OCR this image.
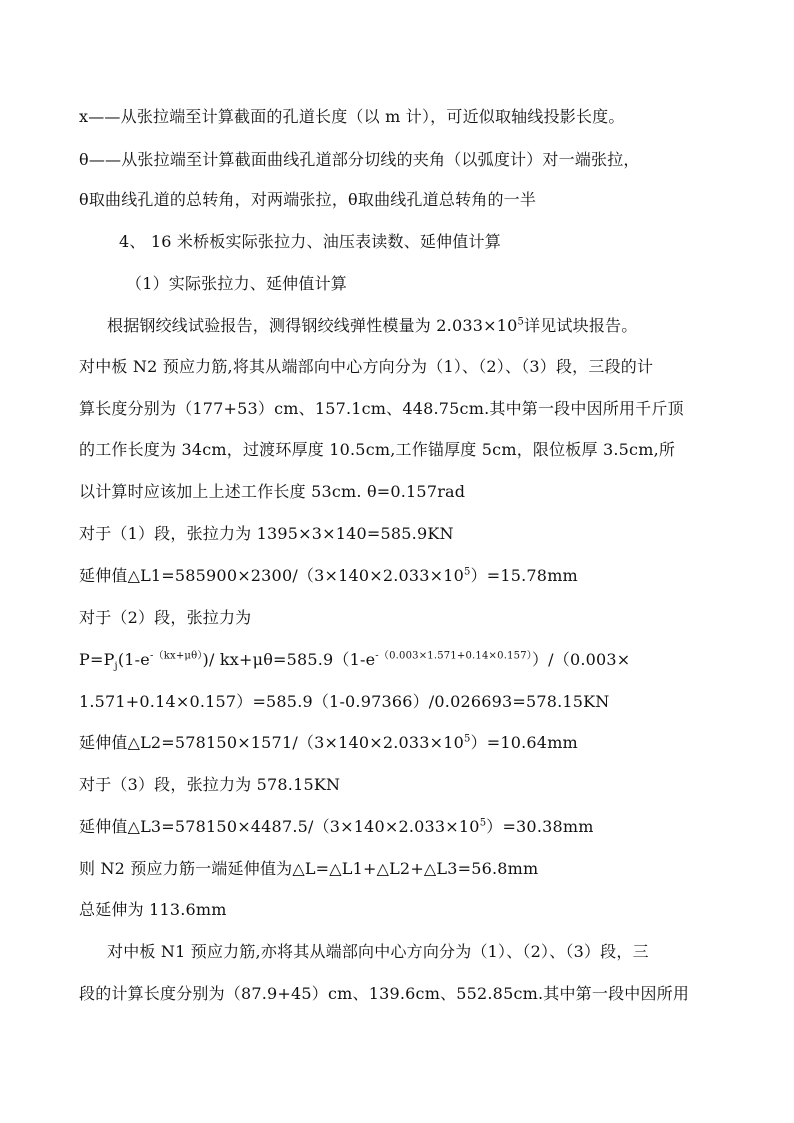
x——从张拉端至计算截面的孔道长度（以 m 计），可近似取轴线投影长度。
θ——从张拉端至计算截面曲线孔道部分切线的夹角（以弧度计）对一端张拉，
θ取曲线孔道的总转角，对两端张拉，θ取曲线孔道总转角的一半
4、 16 米桥板实际张拉力、油压表读数、延伸值计算
（1）实际张拉力、延伸值计算
根据钢绞线试验报告，测得钢绞线弹性模量为 $2.033\times 10^5$详见试块报告。
对中板 N2 预应力筋,将其从端部向中心方向分为（1）、（2）、（3）段，三段的计
算长度分别为（177+53）cm、157.1cm、448.75cm.其中第一段中因所用千斤顶
的工作长度为 34cm，过渡环厚度 10.5cm,工作锚厚度 5cm，限位板厚 3.5cm,所
以计算时应该加上上述工作长度 53cm. θ=0.157rad
对于（1）段，张拉力为 1395×3×140=585.9KN
延伸值$\triangle L1=585900\times 2300/(3\times 140\times 2.033\times 10^5)=15.78mm$
对于（2）段，张拉力为
$P=P_j(1-e^{-(kx+\mu\theta)})/$ $kx+\mu\theta=585.9(1-e^{-(0.003\times 1.571+0.14\times 0.157)})/(0.003\times$
1.571+0.14×0.157）=585.9（1-0.97366）/0.026693=578.15KN
延伸值$\triangle L2=578150\times 1571/(3\times 140\times 2.033\times 10^5)=10.64mm$
对于（3）段，张拉力为 578.15KN
延伸值$\triangle L3=578150\times 4487.5/(3\times 140\times 2.033\times 10^5)=30.38mm$
则 N2 预应力筋一端延伸值为△L=△L1+△L2+△L3=56.8mm
总延伸为 113.6mm
对中板 N1 预应力筋,亦将其从端部向中心方向分为（1）、（2）、（3）段，三
段的计算长度分别为（87.9+45）cm、139.6cm、552.85cm.其中第一段中因所用
